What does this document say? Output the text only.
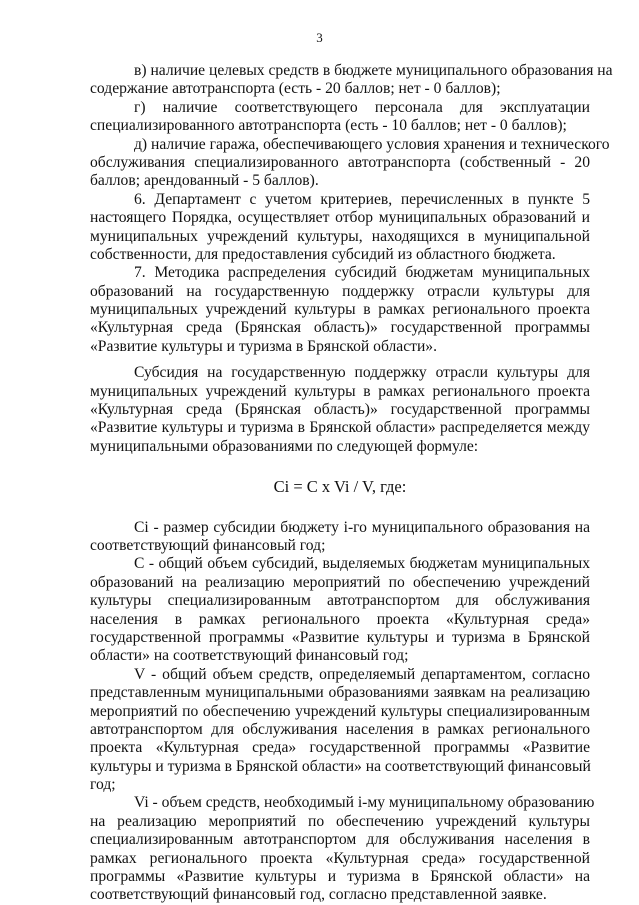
3
в) наличие целевых средств в бюджете муниципального образования на
содержание автотранспорта (есть - 20 баллов; нет - 0 баллов);
г) наличие соответствующего персонала для эксплуатации
специализированного автотранспорта (есть - 10 баллов; нет - 0 баллов);
д) наличие гаража, обеспечивающего условия хранения и технического
обслуживания специализированного автотранспорта (собственный - 20
баллов; арендованный - 5 баллов).
6. Департамент с учетом критериев, перечисленных в пункте 5
настоящего Порядка, осуществляет отбор муниципальных образований и
муниципальных учреждений культуры, находящихся в муниципальной
собственности, для предоставления субсидий из областного бюджета.
7. Методика распределения субсидий бюджетам муниципальных
образований на государственную поддержку отрасли культуры для
муниципальных учреждений культуры в рамках регионального проекта
«Культурная среда (Брянская область)» государственной программы
«Развитие культуры и туризма в Брянской области».
Субсидия на государственную поддержку отрасли культуры для
муниципальных учреждений культуры в рамках регионального проекта
«Культурная среда (Брянская область)» государственной программы
«Развитие культуры и туризма в Брянской области» распределяется между
муниципальными образованиями по следующей формуле:
Ci = C x Vi / V, где:
Ci - размер субсидии бюджету i-го муниципального образования на
соответствующий финансовый год;
C - общий объем субсидий, выделяемых бюджетам муниципальных
образований на реализацию мероприятий по обеспечению учреждений
культуры специализированным автотранспортом для обслуживания
населения в рамках регионального проекта «Культурная среда»
государственной программы «Развитие культуры и туризма в Брянской
области» на соответствующий финансовый год;
V - общий объем средств, определяемый департаментом, согласно
представленным муниципальными образованиями заявкам на реализацию
мероприятий по обеспечению учреждений культуры специализированным
автотранспортом для обслуживания населения в рамках регионального
проекта «Культурная среда» государственной программы «Развитие
культуры и туризма в Брянской области» на соответствующий финансовый
год;
Vi - объем средств, необходимый i-му муниципальному образованию
на реализацию мероприятий по обеспечению учреждений культуры
специализированным автотранспортом для обслуживания населения в
рамках регионального проекта «Культурная среда» государственной
программы «Развитие культуры и туризма в Брянской области» на
соответствующий финансовый год, согласно представленной заявке.
